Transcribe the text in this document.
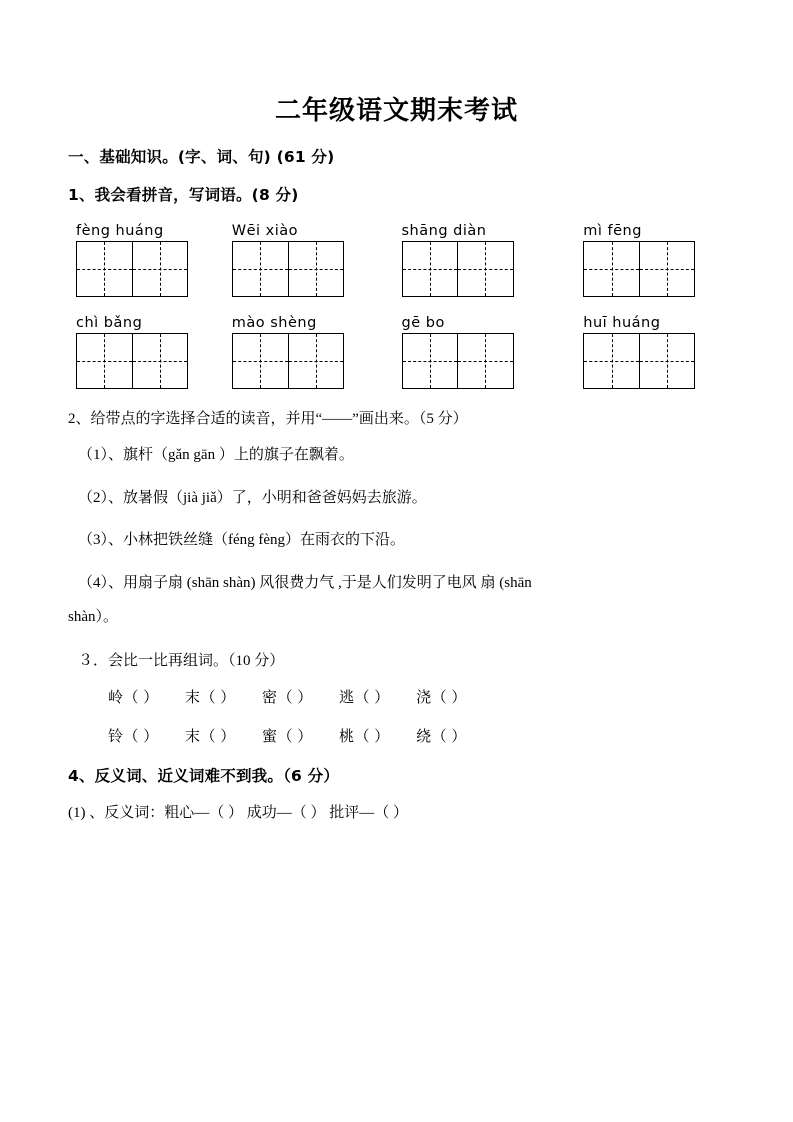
二年级语文期末考试
一、基础知识。(字、词、句) (61 分)
1、我会看拼音，写词语。(8 分)
fèng huáng	Wēi xiào	shāng diàn	mì fēng
chì bǎng	mào shèng	gē bo	huī huáng
2、给带点的字选择合适的读音，并用“——”画出来。（5 分）
（1）、旗杆（gǎn gān ）上的旗子在飘着。
（2）、放暑假（jià jiǎ）了，小明和爸爸妈妈去旅游。
（3）、小林把铁丝缝（féng fèng）在雨衣的下沿。
（4）、用扇子扇 (shān shàn) 风很费力气 ,于是人们发明了电风 扇 (shān
shàn）。
３．会比一比再组词。（10 分）
岭（ ） 末（ ） 密（ ） 逃（ ） 浇（ ）
铃（ ） 末（ ） 蜜（ ） 桃（ ） 绕（ ）
4、反义词、近义词难不到我。（6 分）
(1) 、反义词：粗心—（ ） 成功—（ ） 批评—（ ）
